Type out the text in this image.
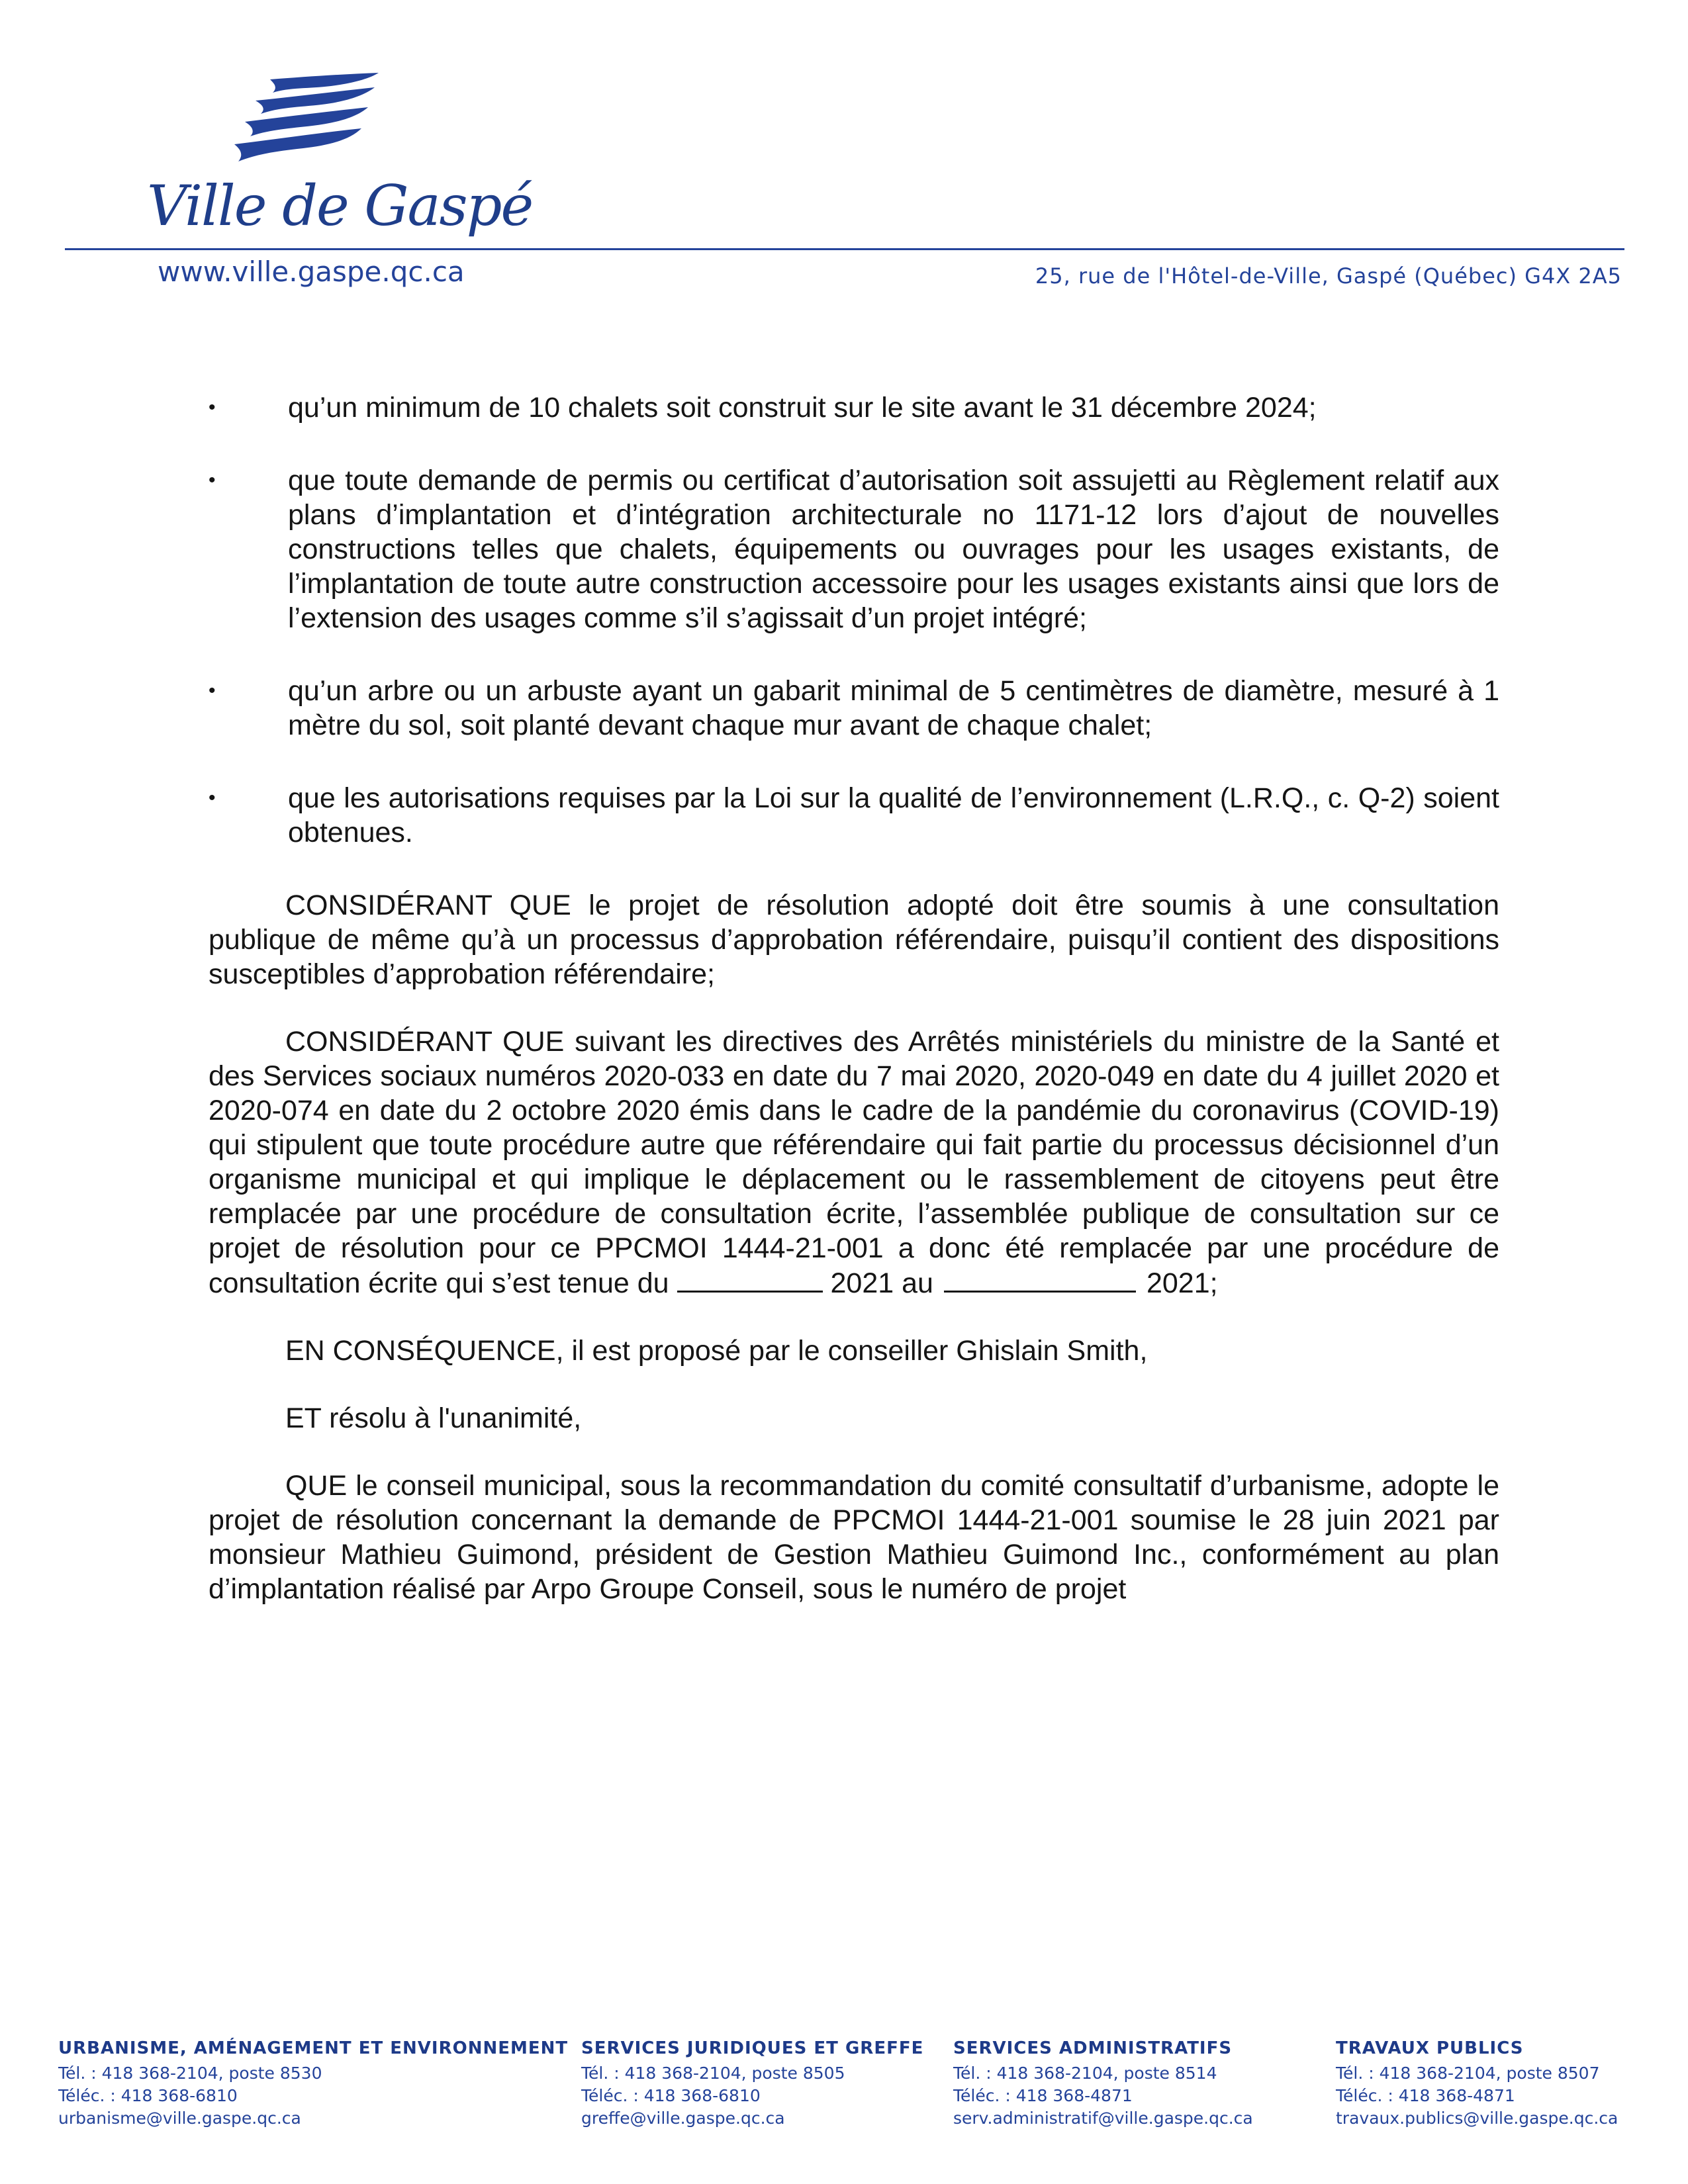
Ville de Gaspé
www.ville.gaspe.qc.ca	25, rue de l'Hôtel-de-Ville, Gaspé (Québec) G4X 2A5
•	qu’un minimum de 10 chalets soit construit sur le site avant le 31 décembre 2024;
•	que toute demande de permis ou certificat d’autorisation soit assujetti au Règlement relatif aux plans d’implantation et d’intégration architecturale no 1171-12 lors d’ajout de nouvelles constructions telles que chalets, équipements ou ouvrages pour les usages existants, de l’implantation de toute autre construction accessoire pour les usages existants ainsi que lors de l’extension des usages comme s’il s’agissait d’un projet intégré;
•	qu’un arbre ou un arbuste ayant un gabarit minimal de 5 centimètres de diamètre, mesuré à 1 mètre du sol, soit planté devant chaque mur avant de chaque chalet;
•	que les autorisations requises par la Loi sur la qualité de l’environnement (L.R.Q., c. Q-2) soient obtenues.

CONSIDÉRANT QUE le projet de résolution adopté doit être soumis à une consultation publique de même qu’à un processus d’approbation référendaire, puisqu’il contient des dispositions susceptibles d’approbation référendaire;

CONSIDÉRANT QUE suivant les directives des Arrêtés ministériels du ministre de la Santé et des Services sociaux numéros 2020-033 en date du 7 mai 2020, 2020-049 en date du 4 juillet 2020 et 2020-074 en date du 2 octobre 2020 émis dans le cadre de la pandémie du coronavirus (COVID-19) qui stipulent que toute procédure autre que référendaire qui fait partie du processus décisionnel d’un organisme municipal et qui implique le déplacement ou le rassemblement de citoyens peut être remplacée par une procédure de consultation écrite, l’assemblée publique de consultation sur ce projet de résolution pour ce PPCMOI 1444-21-001 a donc été remplacée par une procédure de consultation écrite qui s’est tenue du	2021 au	2021;

EN CONSÉQUENCE, il est proposé par le conseiller Ghislain Smith,

ET résolu à l'unanimité,

QUE le conseil municipal, sous la recommandation du comité consultatif d’urbanisme, adopte le projet de résolution concernant la demande de PPCMOI 1444-21-001 soumise le 28 juin 2021 par monsieur Mathieu Guimond, président de Gestion Mathieu Guimond Inc., conformément au plan d’implantation réalisé par Arpo Groupe Conseil, sous le numéro de projet

URBANISME, AMÉNAGEMENT ET ENVIRONNEMENT
Tél. : 418 368-2104, poste 8530
Téléc. : 418 368-6810
urbanisme@ville.gaspe.qc.ca
SERVICES JURIDIQUES ET GREFFE
Tél. : 418 368-2104, poste 8505
Téléc. : 418 368-6810
greffe@ville.gaspe.qc.ca
SERVICES ADMINISTRATIFS
Tél. : 418 368-2104, poste 8514
Téléc. : 418 368-4871
serv.administratif@ville.gaspe.qc.ca
TRAVAUX PUBLICS
Tél. : 418 368-2104, poste 8507
Téléc. : 418 368-4871
travaux.publics@ville.gaspe.qc.ca
